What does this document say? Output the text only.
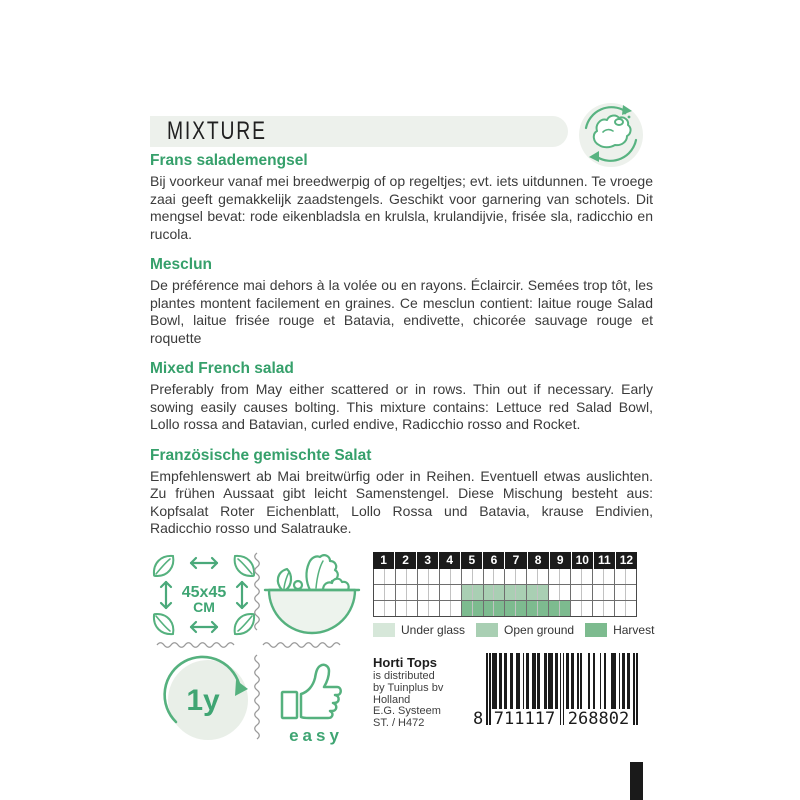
MIXTURE
Frans salademengsel

Bij voorkeur vanaf mei breedwerpig of op regeltjes; evt. iets uitdunnen. Te vroege zaai geeft gemakkelijk zaadstengels. Geschikt voor garnering van schotels. Dit mengsel bevat: rode eikenbladsla en krulsla, krulandijvie, frisée sla, radicchio en rucola.

Mesclun

De préférence mai dehors à la volée ou en rayons. Éclaircir. Semées trop tôt, les plantes montent facilement en graines. Ce mesclun contient: laitue rouge Salad Bowl, laitue frisée rouge et Batavia, endivette, chicorée sauvage rouge et roquette

Mixed French salad

Preferably from May either scattered or in rows. Thin out if necessary. Early sowing easily causes bolting. This mixture contains: Lettuce red Salad Bowl, Lollo rossa and Batavian, curled endive, Radicchio rosso and Rocket.

Französische gemischte Salat

Empfehlenswert ab Mai breitwürfig oder in Reihen. Eventuell etwas auslichten. Zu frühen Aussaat gibt leicht Samenstengel. Diese Mischung besteht aus: Kopfsalat Roter Eichenblatt, Lollo Rossa und Batavia, krause Endivien, Radicchio rosso und Salatrauke.

45x45
CM
1	2	3	4	5	6	7	8	9	10 11 12
Under glass	Open ground	Harvest
1y
easy
Horti Tops
is distributed
by Tuinplus bv
Holland
E.G. Systeem
ST. / H472	8 711117 268802
